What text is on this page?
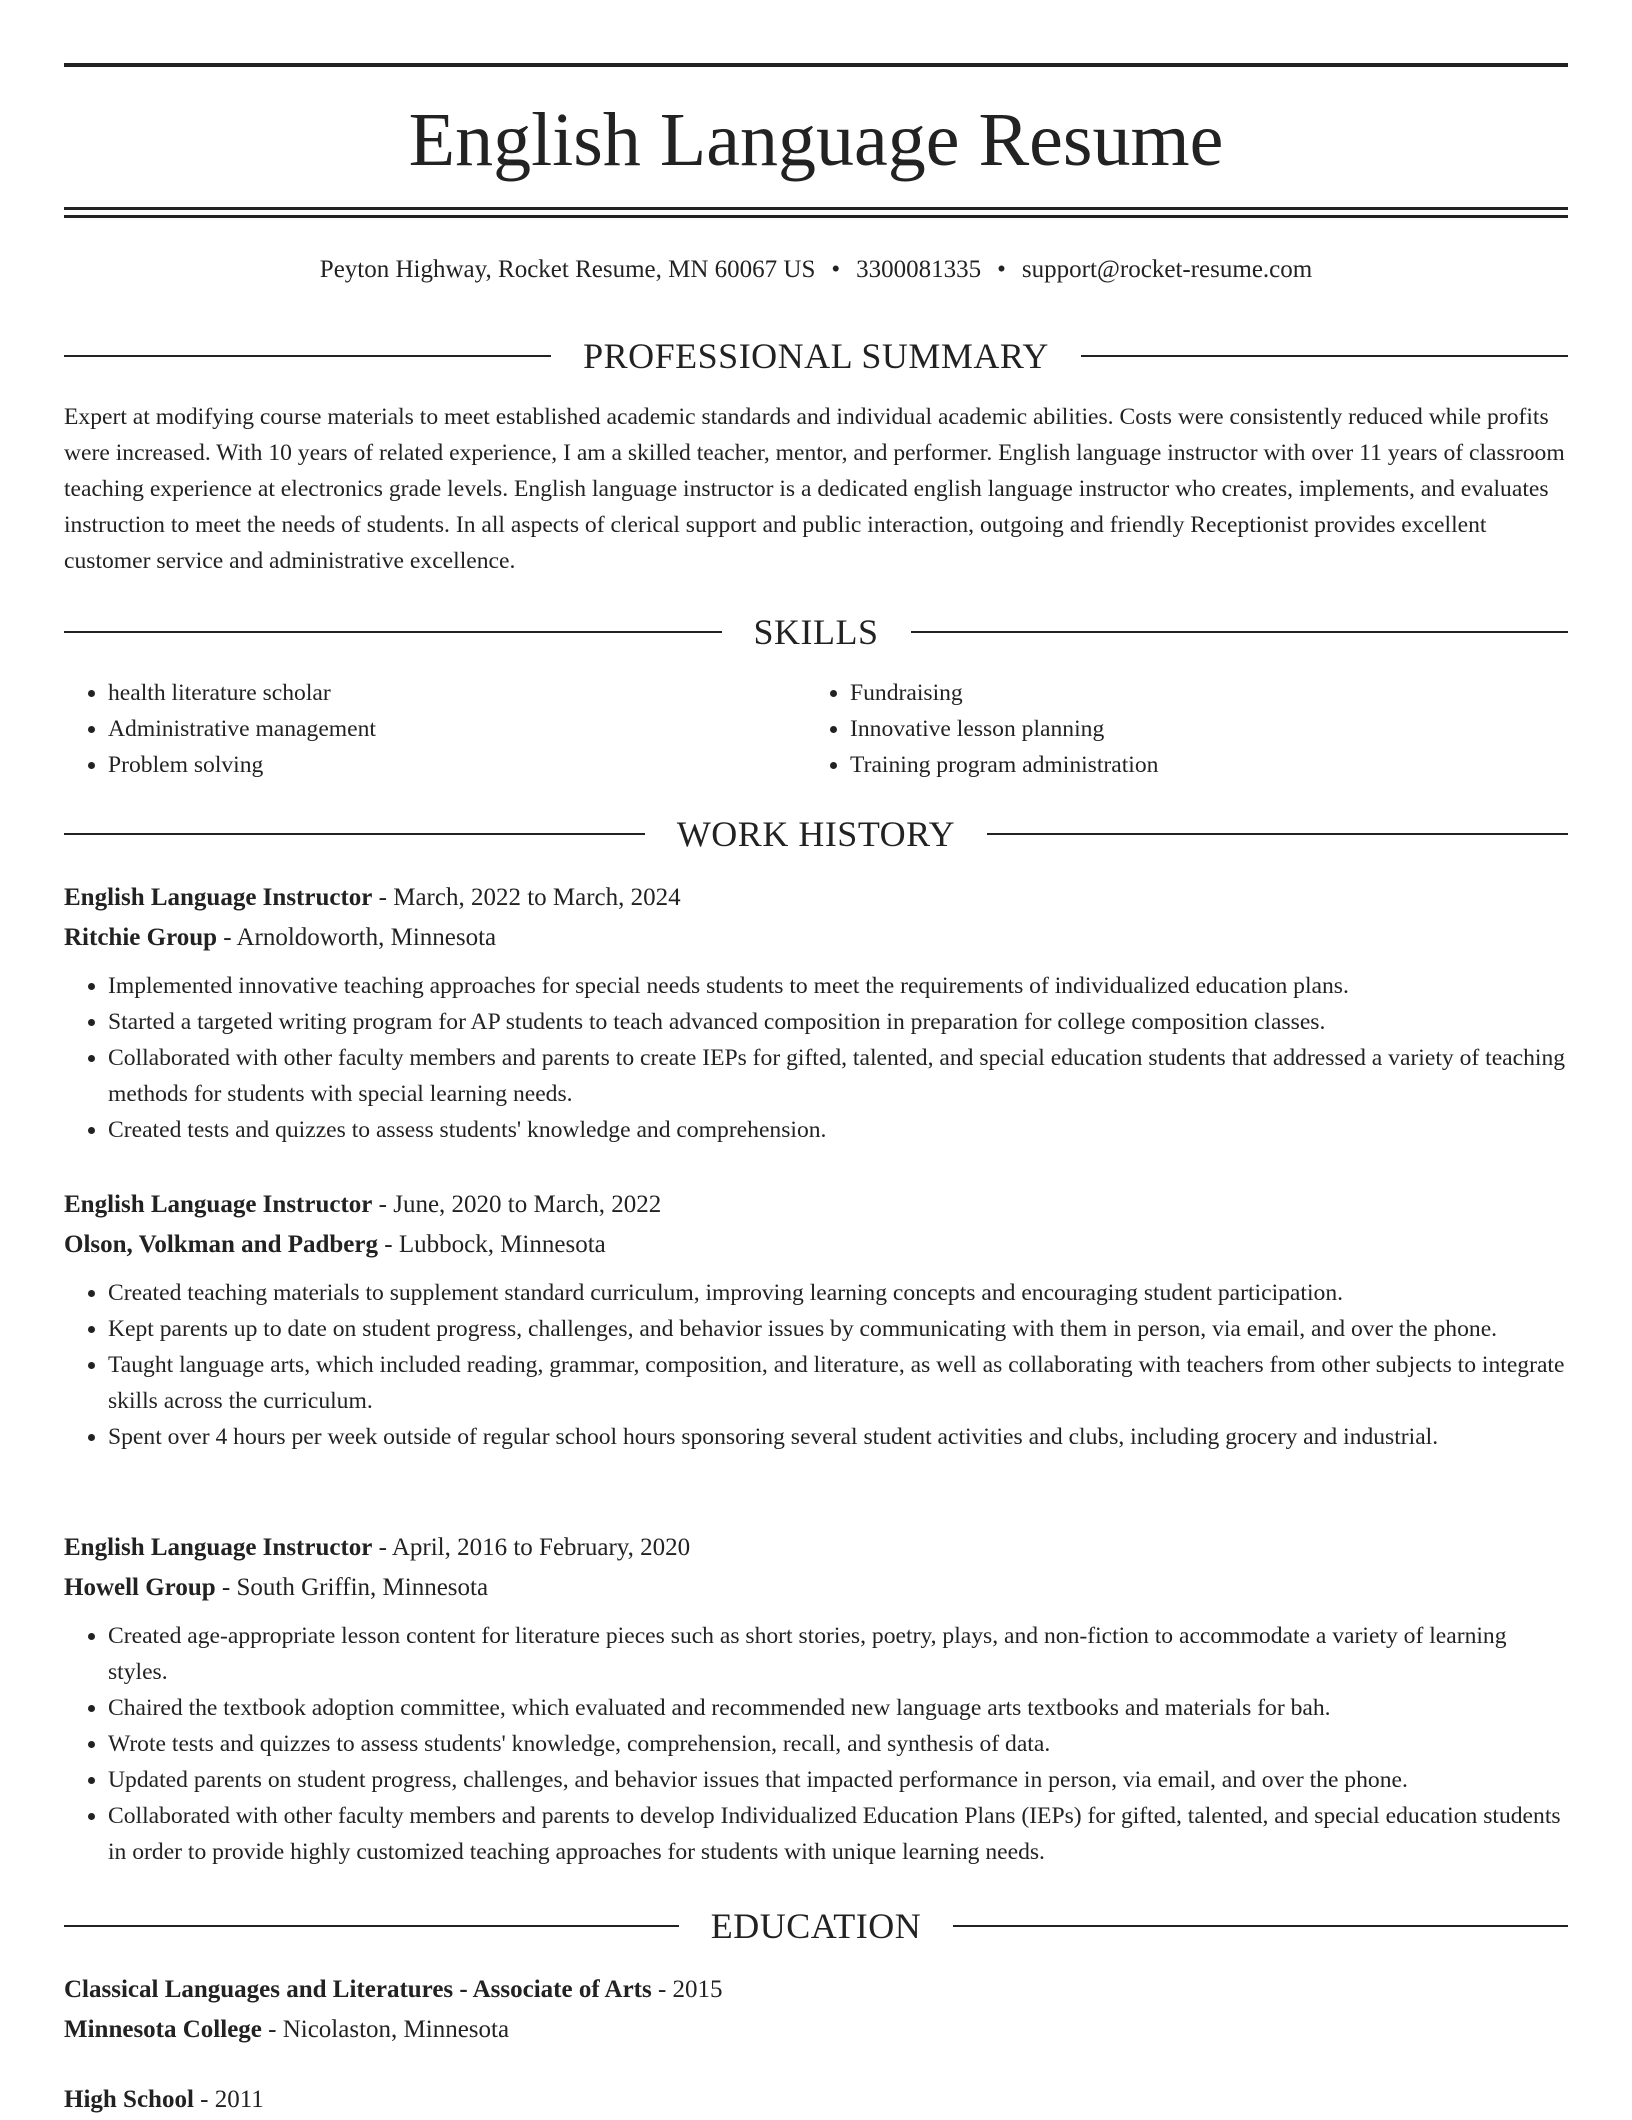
English Language Resume
Peyton Highway, Rocket Resume, MN 60067 US • 3300081335 • support@rocket-resume.com
PROFESSIONAL SUMMARY

Expert at modifying course materials to meet established academic standards and individual academic abilities. Costs were consistently reduced while profits were increased. With 10 years of related experience, I am a skilled teacher, mentor, and performer. English language instructor with over 11 years of classroom teaching experience at electronics grade levels. English language instructor is a dedicated english language instructor who creates, implements, and evaluates instruction to meet the needs of students. In all aspects of clerical support and public interaction, outgoing and friendly Receptionist provides excellent customer service and administrative excellence.

SKILLS
• health literature scholar
• Administrative management
• Problem solving
• Fundraising
• Innovative lesson planning
• Training program administration
WORK HISTORY
English Language Instructor - March, 2022 to March, 2024
Ritchie Group - Arnoldoworth, Minnesota
• Implemented innovative teaching approaches for special needs students to meet the requirements of individualized education plans.
• Started a targeted writing program for AP students to teach advanced composition in preparation for college composition classes.
• Collaborated with other faculty members and parents to create IEPs for gifted, talented, and special education students that addressed a variety of teaching methods for students with special learning needs.
• Created tests and quizzes to assess students' knowledge and comprehension.
English Language Instructor - June, 2020 to March, 2022
Olson, Volkman and Padberg - Lubbock, Minnesota
• Created teaching materials to supplement standard curriculum, improving learning concepts and encouraging student participation.
• Kept parents up to date on student progress, challenges, and behavior issues by communicating with them in person, via email, and over the phone.
• Taught language arts, which included reading, grammar, composition, and literature, as well as collaborating with teachers from other subjects to integrate skills across the curriculum.
• Spent over 4 hours per week outside of regular school hours sponsoring several student activities and clubs, including grocery and industrial.
English Language Instructor - April, 2016 to February, 2020
Howell Group - South Griffin, Minnesota
• Created age-appropriate lesson content for literature pieces such as short stories, poetry, plays, and non-fiction to accommodate a variety of learning styles.
• Chaired the textbook adoption committee, which evaluated and recommended new language arts textbooks and materials for bah.
• Wrote tests and quizzes to assess students' knowledge, comprehension, recall, and synthesis of data.
• Updated parents on student progress, challenges, and behavior issues that impacted performance in person, via email, and over the phone.
• Collaborated with other faculty members and parents to develop Individualized Education Plans (IEPs) for gifted, talented, and special education students in order to provide highly customized teaching approaches for students with unique learning needs.
EDUCATION
Classical Languages and Literatures - Associate of Arts - 2015
Minnesota College - Nicolaston, Minnesota
High School - 2011
